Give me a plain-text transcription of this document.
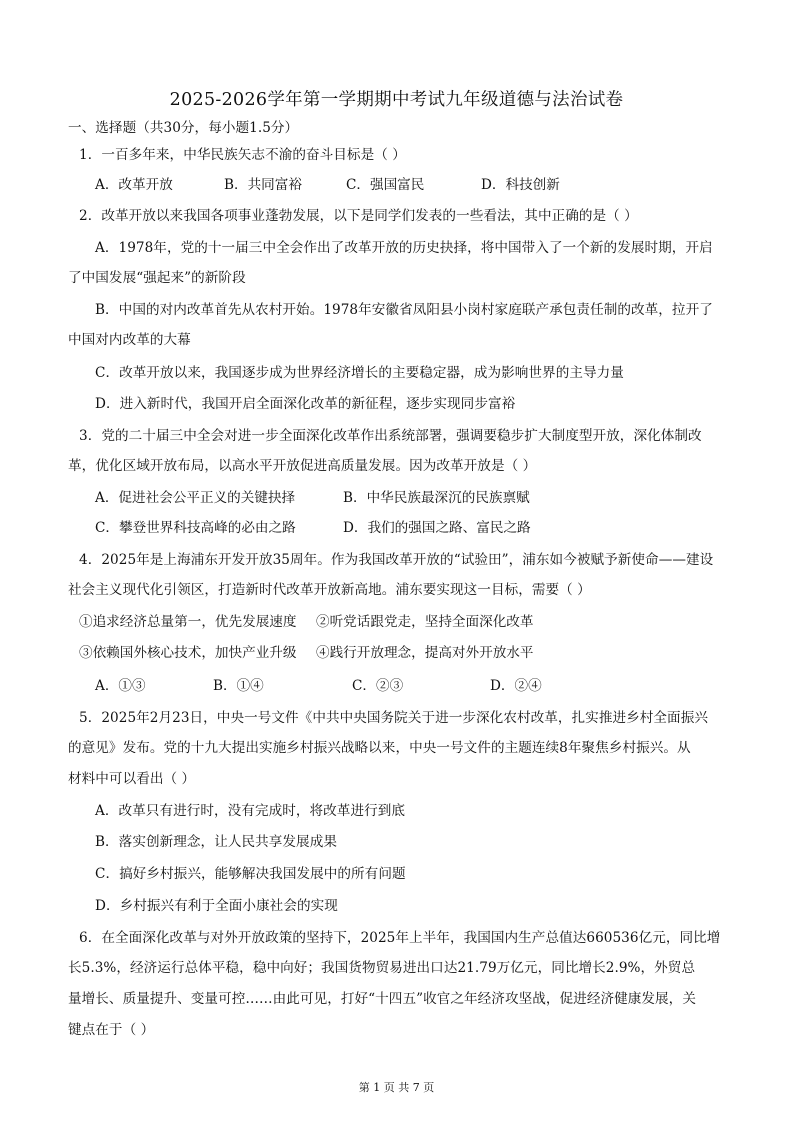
2025-2026学年第一学期期中考试九年级道德与法治试卷
一、选择题（共30分，每小题1.5分）
1．一百多年来，中华民族矢志不渝的奋斗目标是（ ）
A．改革开放	B．共同富裕	C．强国富民	D．科技创新
2．改革开放以来我国各项事业蓬勃发展，以下是同学们发表的一些看法，其中正确的是（ ）
A．1978年，党的十一届三中全会作出了改革开放的历史抉择，将中国带入了一个新的发展时期，开启
了中国发展“强起来”的新阶段
B．中国的对内改革首先从农村开始。1978年安徽省凤阳县小岗村家庭联产承包责任制的改革，拉开了
中国对内改革的大幕
C．改革开放以来，我国逐步成为世界经济增长的主要稳定器，成为影响世界的主导力量
D．进入新时代，我国开启全面深化改革的新征程，逐步实现同步富裕
3．党的二十届三中全会对进一步全面深化改革作出系统部署，强调要稳步扩大制度型开放，深化体制改
革，优化区域开放布局，以高水平开放促进高质量发展。因为改革开放是（ ）
A．促进社会公平正义的关键抉择	B．中华民族最深沉的民族禀赋
C．攀登世界科技高峰的必由之路	D．我们的强国之路、富民之路
4．2025年是上海浦东开发开放35周年。作为我国改革开放的“试验田”，浦东如今被赋予新使命——建设
社会主义现代化引领区，打造新时代改革开放新高地。浦东要实现这一目标，需要（ ）
①追求经济总量第一，优先发展速度 ②听党话跟党走，坚持全面深化改革
③依赖国外核心技术，加快产业升级 ④践行开放理念，提高对外开放水平
A．①③	B．①④	C．②③	D．②④
5．2025年2月23日，中央一号文件《中共中央国务院关于进一步深化农村改革，扎实推进乡村全面振兴
的意见》发布。党的十九大提出实施乡村振兴战略以来，中央一号文件的主题连续8年聚焦乡村振兴。从
材料中可以看出（ ）
A．改革只有进行时，没有完成时，将改革进行到底
B．落实创新理念，让人民共享发展成果
C．搞好乡村振兴，能够解决我国发展中的所有问题
D．乡村振兴有利于全面小康社会的实现
6．在全面深化改革与对外开放政策的坚持下，2025年上半年，我国国内生产总值达660536亿元，同比增
长5.3%，经济运行总体平稳，稳中向好；我国货物贸易进出口达21.79万亿元，同比增长2.9%，外贸总
量增长、质量提升、变量可控……由此可见，打好“十四五”收官之年经济攻坚战，促进经济健康发展，关
键点在于（ ）
第 1 页 共 7 页
